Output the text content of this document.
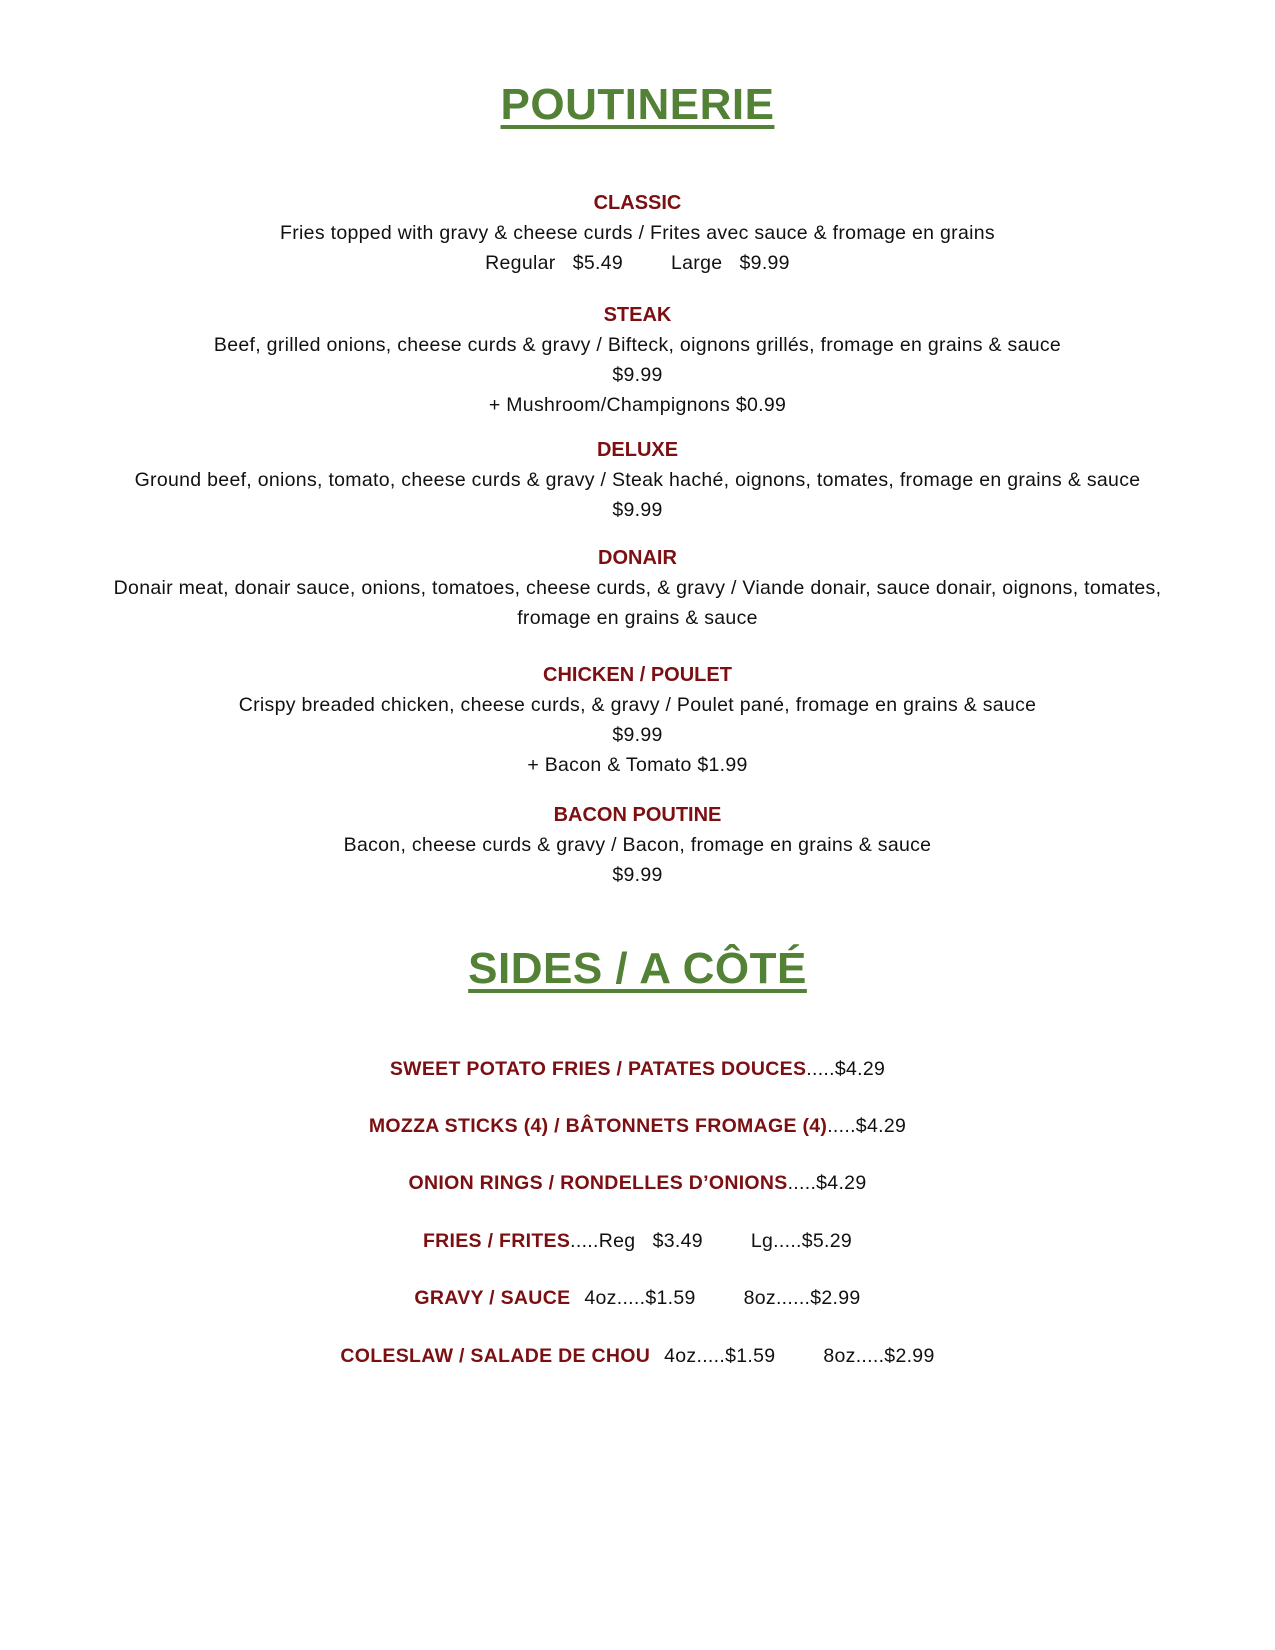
POUTINERIE
CLASSIC
Fries topped with gravy & cheese curds / Frites avec sauce & fromage en grains
Regular   $5.49 Large   $9.99
STEAK
Beef, grilled onions, cheese curds & gravy / Bifteck, oignons grillés, fromage en grains & sauce
$9.99
+ Mushroom/Champignons $0.99
DELUXE
Ground beef, onions, tomato, cheese curds & gravy / Steak haché, oignons, tomates, fromage en grains & sauce
$9.99
DONAIR
Donair meat, donair sauce, onions, tomatoes, cheese curds, & gravy / Viande donair, sauce donair, oignons, tomates,
fromage en grains & sauce
CHICKEN / POULET
Crispy breaded chicken, cheese curds, & gravy / Poulet pané, fromage en grains & sauce
$9.99
+ Bacon & Tomato $1.99
BACON POUTINE
Bacon, cheese curds & gravy / Bacon, fromage en grains & sauce
$9.99
SIDES / A CÔTÉ
SWEET POTATO FRIES / PATATES DOUCES.....$4.29
MOZZA STICKS (4) / BÂTONNETS FROMAGE (4).....$4.29
ONION RINGS / RONDELLES D’ONIONS.....$4.29
FRIES / FRITES.....Reg   $3.49 Lg.....$5.29
GRAVY / SAUCE 4oz.....$1.59 8oz......$2.99
COLESLAW / SALADE DE CHOU 4oz.....$1.59 8oz.....$2.99
